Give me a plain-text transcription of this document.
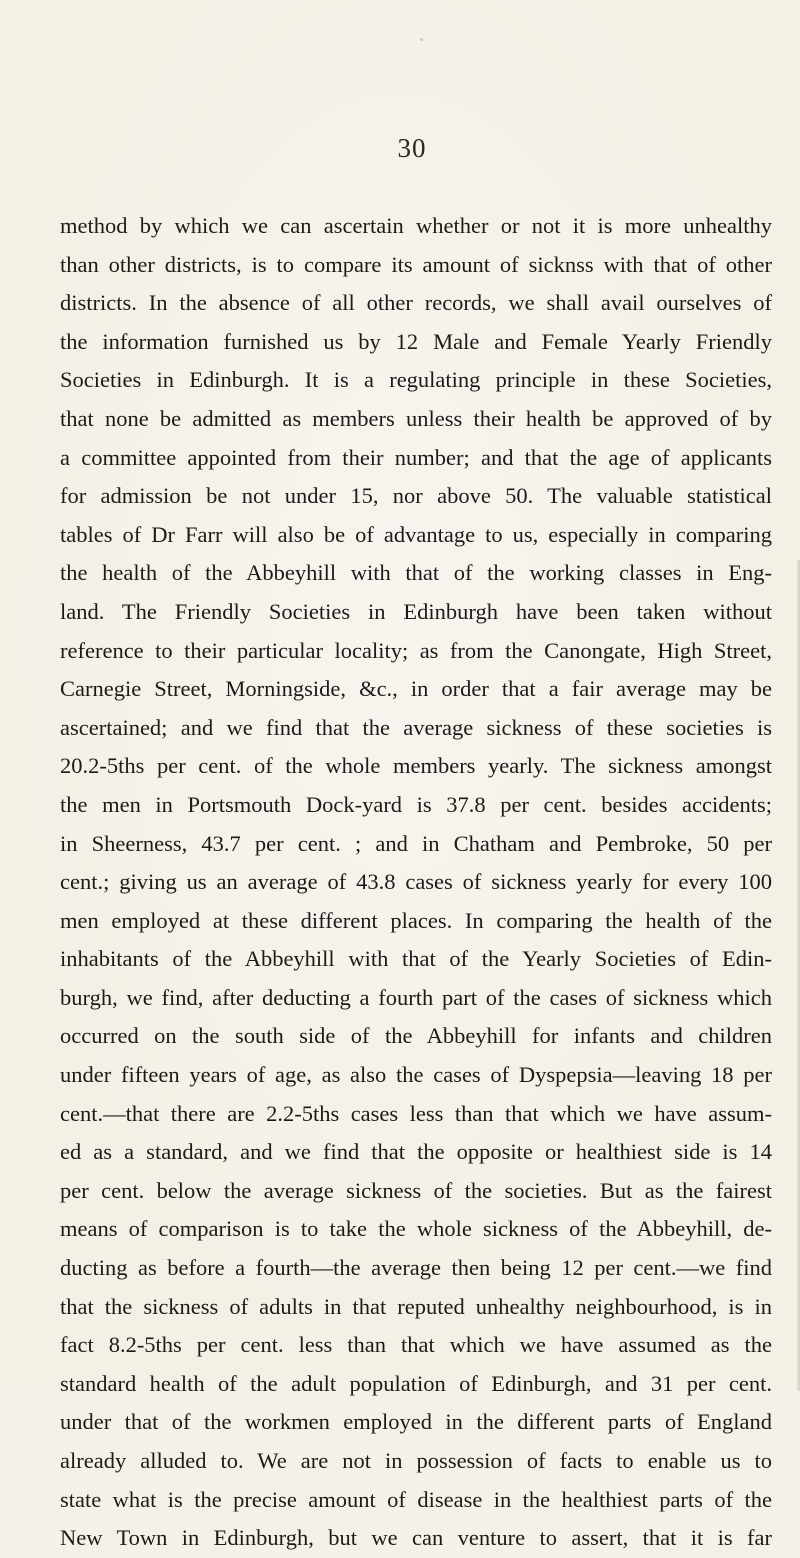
30
method by which we can ascertain whether or not it is more unhealthy
than other districts, is to compare its amount of sicknss with that of other
districts. In the absence of all other records, we shall avail ourselves of
the information furnished us by 12 Male and Female Yearly Friendly
Societies in Edinburgh. It is a regulating principle in these Societies,
that none be admitted as members unless their health be approved of by
a committee appointed from their number; and that the age of applicants
for admission be not under 15, nor above 50. The valuable statistical
tables of Dr Farr will also be of advantage to us, especially in comparing
the health of the Abbeyhill with that of the working classes in Eng-
land. The Friendly Societies in Edinburgh have been taken without
reference to their particular locality; as from the Canongate, High Street,
Carnegie Street, Morningside, &c., in order that a fair average may be
ascertained; and we find that the average sickness of these societies is
20.2-5ths per cent. of the whole members yearly. The sickness amongst
the men in Portsmouth Dock-yard is 37.8 per cent. besides accidents;
in Sheerness, 43.7 per cent. ; and in Chatham and Pembroke, 50 per
cent.; giving us an average of 43.8 cases of sickness yearly for every 100
men employed at these different places. In comparing the health of the
inhabitants of the Abbeyhill with that of the Yearly Societies of Edin-
burgh, we find, after deducting a fourth part of the cases of sickness which
occurred on the south side of the Abbeyhill for infants and children
under fifteen years of age, as also the cases of Dyspepsia—leaving 18 per
cent.—that there are 2.2-5ths cases less than that which we have assum-
ed as a standard, and we find that the opposite or healthiest side is 14
per cent. below the average sickness of the societies. But as the fairest
means of comparison is to take the whole sickness of the Abbeyhill, de-
ducting as before a fourth—the average then being 12 per cent.—we find
that the sickness of adults in that reputed unhealthy neighbourhood, is in
fact 8.2-5ths per cent. less than that which we have assumed as the
standard health of the adult population of Edinburgh, and 31 per cent.
under that of the workmen employed in the different parts of England
already alluded to. We are not in possession of facts to enable us to
state what is the precise amount of disease in the healthiest parts of the
New Town in Edinburgh, but we can venture to assert, that it is far
